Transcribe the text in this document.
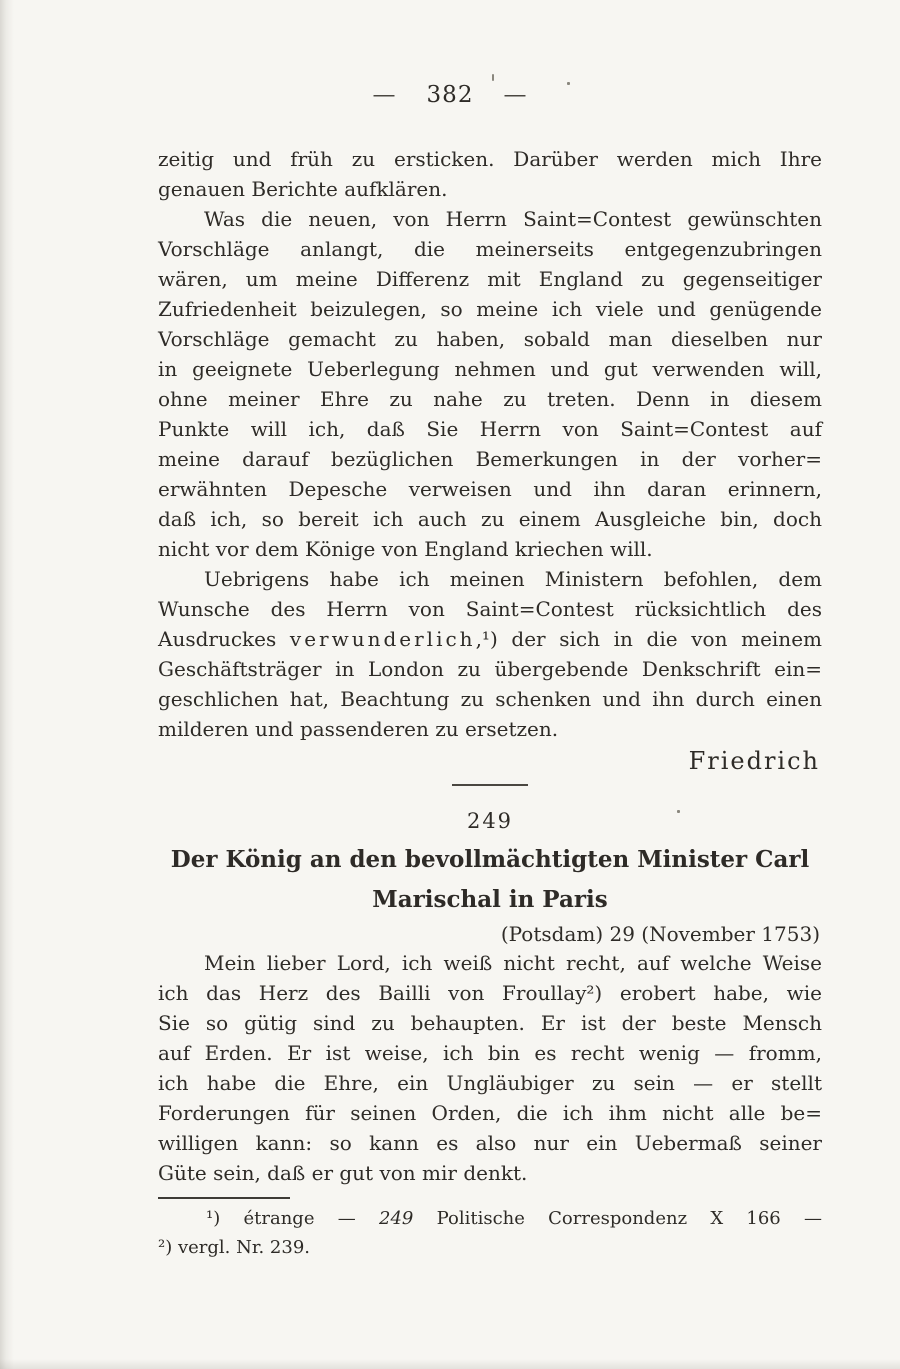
— 382 —
zeitig und früh zu ersticken. Darüber werden mich Ihre
genauen Berichte aufklären.
Was die neuen, von Herrn Saint=Contest gewünschten
Vorschläge anlangt, die meinerseits entgegenzubringen
wären, um meine Differenz mit England zu gegenseitiger
Zufriedenheit beizulegen, so meine ich viele und genügende
Vorschläge gemacht zu haben, sobald man dieselben nur
in geeignete Ueberlegung nehmen und gut verwenden will,
ohne meiner Ehre zu nahe zu treten. Denn in diesem
Punkte will ich, daß Sie Herrn von Saint=Contest auf
meine darauf bezüglichen Bemerkungen in der vorher=
erwähnten Depesche verweisen und ihn daran erinnern,
daß ich, so bereit ich auch zu einem Ausgleiche bin, doch
nicht vor dem Könige von England kriechen will.
Uebrigens habe ich meinen Ministern befohlen, dem
Wunsche des Herrn von Saint=Contest rücksichtlich des
Ausdruckes verwunderlich,¹) der sich in die von meinem
Geschäftsträger in London zu übergebende Denkschrift ein=
geschlichen hat, Beachtung zu schenken und ihn durch einen
milderen und passenderen zu ersetzen.
Friedrich
249
Der König an den bevollmächtigten Minister Carl
Marischal in Paris
(Potsdam) 29 (November 1753)
Mein lieber Lord, ich weiß nicht recht, auf welche Weise
ich das Herz des Bailli von Froullay²) erobert habe, wie
Sie so gütig sind zu behaupten. Er ist der beste Mensch
auf Erden. Er ist weise, ich bin es recht wenig — fromm,
ich habe die Ehre, ein Ungläubiger zu sein — er stellt
Forderungen für seinen Orden, die ich ihm nicht alle be=
willigen kann: so kann es also nur ein Uebermaß seiner
Güte sein, daß er gut von mir denkt.
¹) étrange — 249 Politische Correspondenz X 166 —
²) vergl. Nr. 239.
